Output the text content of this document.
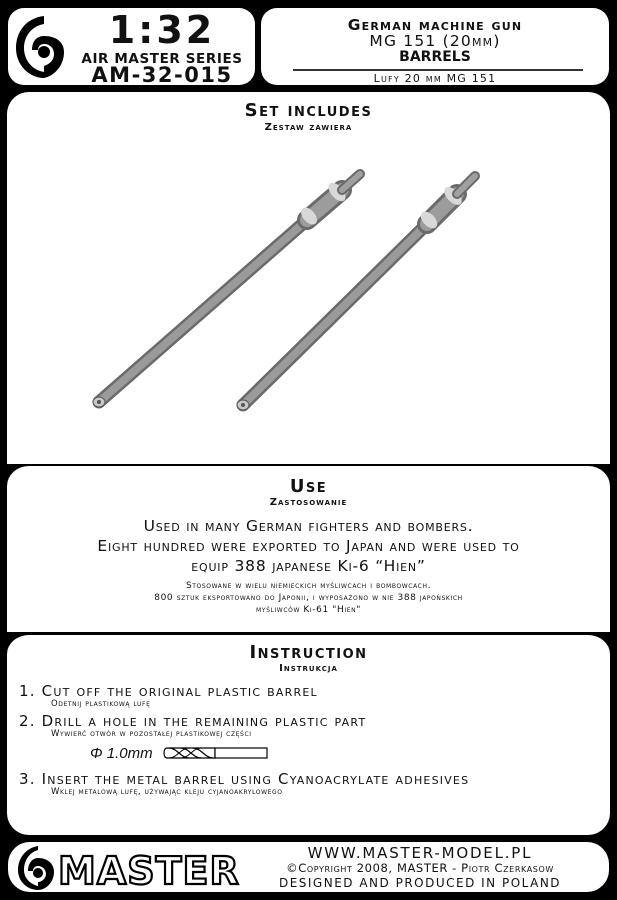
1:32
AIR MASTER SERIES
AM-32-015
German machine gun
MG 151 (20mm)
BARRELS
Lufy 20 mm MG 151
Set includes
Zestaw zawiera
Use
Zastosowanie
Used in many German fighters and bombers.
Eight hundred were exported to Japan and were used to
equip 388 japanese Ki-6 “Hien”
Stosowane w wielu niemieckich myśliwcach i bombowcach.
800 sztuk eksportowano do Japonii, i wyposażono w nie 388 japońskich
myśliwców Ki-61 "Hien"
Instruction
Instrukcja
1. Cut off the original plastic barrel
Odetnij plastikową lufę
2. Drill a hole in the remaining plastic part
Wywierć otwór w pozostałej plastikowej części
Φ 1.0mm
3. Insert the metal barrel using Cyanoacrylate adhesives
Wklej metalową lufę, używając kleju cyjanoakrylowego
MASTER	WWW.MASTER-MODEL.PL
©Copyright 2008, MASTER - Piotr Czerkasow
DESIGNED AND PRODUCED IN POLAND
